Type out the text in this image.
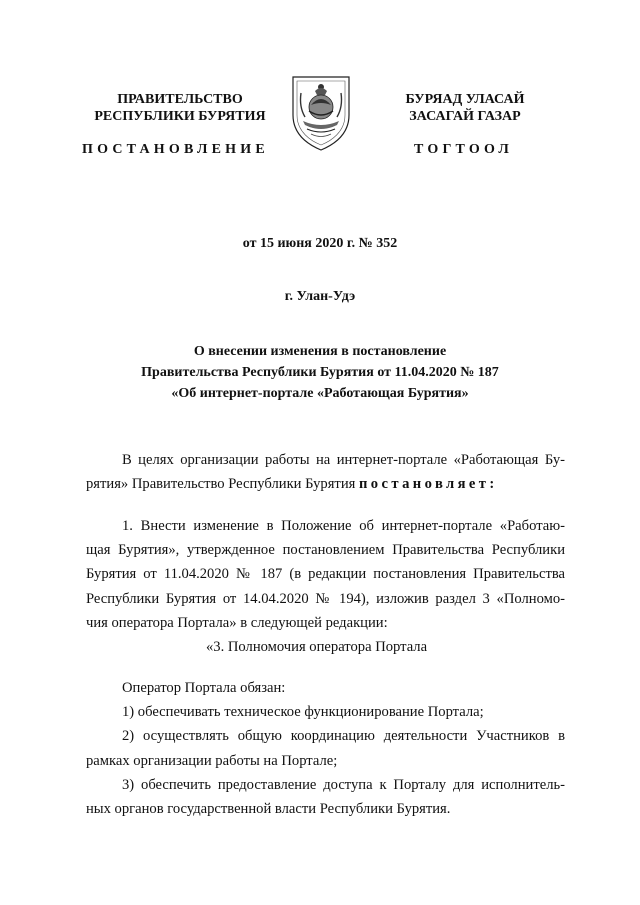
ПРАВИТЕЛЬСТВО
РЕСПУБЛИКИ БУРЯТИЯ
ПОСТАНОВЛЕНИЕ
БУРЯАД УЛАСАЙ
ЗАСАГАЙ ГАЗАР
ТОГТООЛ
от 15 июня 2020 г. № 352
г. Улан-Удэ
О внесении изменения в постановление
Правительства Республики Бурятия от 11.04.2020 № 187
«Об интернет-портале «Работающая Бурятия»
В целях организации работы на интернет-портале «Работающая Бу-
рятия» Правительство Республики Бурятия постановляет:
1. Внести изменение в Положение об интернет-портале «Работаю-
щая Бурятия», утвержденное постановлением Правительства Республики
Бурятия от 11.04.2020 № 187 (в редакции постановления Правительства
Республики Бурятия от 14.04.2020 № 194), изложив раздел 3 «Полномо-
чия оператора Портала» в следующей редакции:
«3. Полномочия оператора Портала
Оператор Портала обязан:
1) обеспечивать техническое функционирование Портала;
2) осуществлять общую координацию деятельности Участников в
рамках организации работы на Портале;
3) обеспечить предоставление доступа к Порталу для исполнитель-
ных органов государственной власти Республики Бурятия.
